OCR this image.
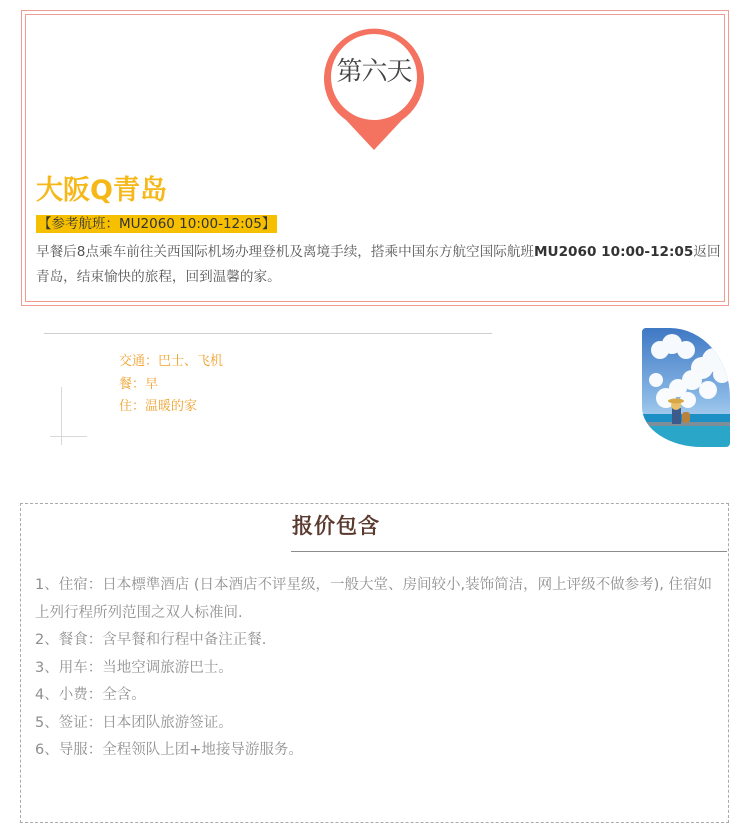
第六天
大阪Q青岛
【参考航班：MU2060 10:00-12:05】

早餐后8点乘车前往关西国际机场办理登机及离境手续，搭乘中国东方航空国际航班MU2060 10:00-12:05返回青岛，结束愉快的旅程，回到温馨的家。

交通：巴士、飞机
餐：早
住：温暖的家
报价包含
1、住宿：日本標準酒店 (日本酒店不评星级，一般大堂、房间较小,装饰简洁，网上评级不做参考), 住宿如上列行程所列范围之双人标准间.
2、餐食：含早餐和行程中备注正餐.
3、用车：当地空调旅游巴士。
4、小费：全含。
5、签证：日本团队旅游签证。
6、导服：全程领队上团+地接导游服务。
